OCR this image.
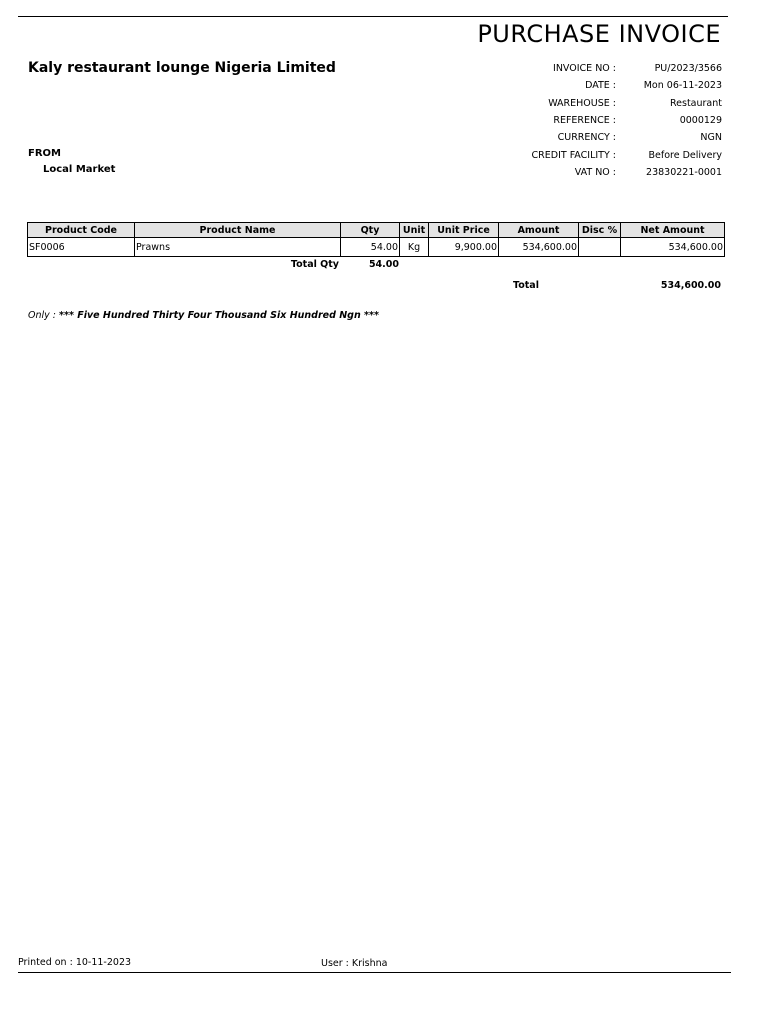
PURCHASE INVOICE
Kaly restaurant lounge Nigeria Limited
FROM
Local Market
INVOICE NO :	PU/2023/3566
DATE :	Mon 06-11-2023
WAREHOUSE :	Restaurant
REFERENCE :	0000129
CURRENCY :	NGN
CREDIT FACILITY :	Before Delivery
VAT NO :	23830221-0001
Product Code	Product Name	Qty	Unit	Unit Price	Amount	Disc %	Net Amount
SF0006	Prawns	54.00	Kg	9,900.00	534,600.00		534,600.00
Total Qty	54.00
Total	534,600.00
Only : *** Five Hundred Thirty Four Thousand Six Hundred Ngn ***
Printed on : 10-11-2023	User : Krishna
